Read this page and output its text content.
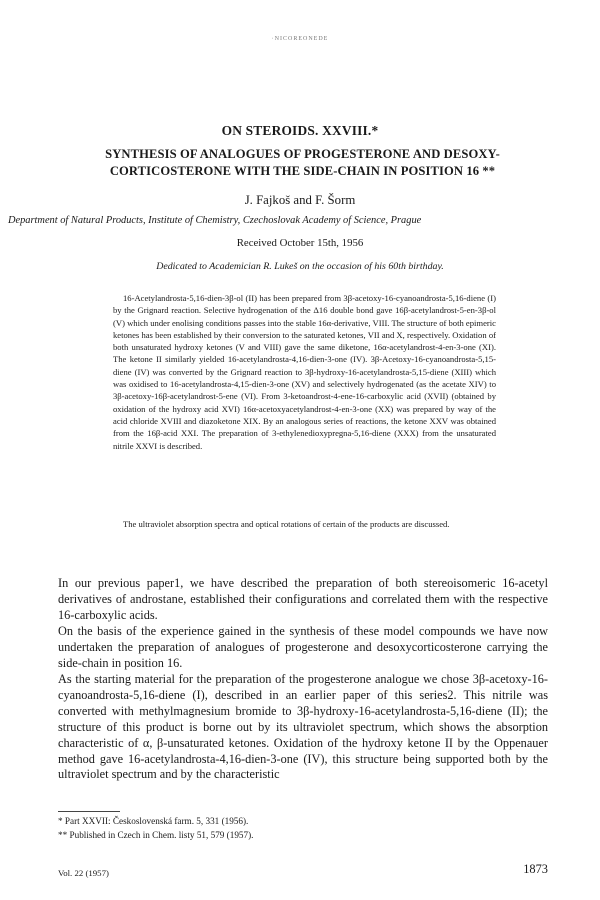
·NICOREONEDE
ON STEROIDS. XXVIII.*
SYNTHESIS OF ANALOGUES OF PROGESTERONE AND DESOXY-CORTICOSTERONE WITH THE SIDE-CHAIN IN POSITION 16 **
J. Fajkoš and F. Šorm
Department of Natural Products, Institute of Chemistry, Czechoslovak Academy of Science, Prague
Received October 15th, 1956
Dedicated to Academician R. Lukeš on the occasion of his 60th birthday.

16-Acetylandrosta-5,16-dien-3β-ol (II) has been prepared from 3β-acetoxy-16-cyanoandrosta-5,16-diene (I) by the Grignard reaction. Selective hydrogenation of the Δ16 double bond gave 16β-acetylandrost-5-en-3β-ol (V) which under enolising conditions passes into the stable 16α-derivative, VIII. The structure of both epimeric ketones has been established by their conversion to the saturated ketones, VII and X, respectively. Oxidation of both unsaturated hydroxy ketones (V and VIII) gave the same diketone, 16α-acetylandrost-4-en-3-one (XI). The ketone II similarly yielded 16-acetylandrosta-4,16-dien-3-one (IV). 3β-Acetoxy-16-cyanoandrosta-5,15-diene (IV) was converted by the Grignard reaction to 3β-hydroxy-16-acetylandrosta-5,15-diene (XIII) which was oxidised to 16-acetylandrosta-4,15-dien-3-one (XV) and selectively hydrogenated (as the acetate XIV) to 3β-acetoxy-16β-acetylandrost-5-ene (VI). From 3-ketoandrost-4-ene-16-carboxylic acid (XVII) (obtained by oxidation of the hydroxy acid XVI) 16α-acetoxyacetylandrost-4-en-3-one (XX) was prepared by way of the acid chloride XVIII and diazoketone XIX. By an analogous series of reactions, the ketone XXV was obtained from the 16β-acid XXI. The preparation of 3-ethylenedioxypregna-5,16-diene (XXX) from the unsaturated nitrile XXVI is described.

The ultraviolet absorption spectra and optical rotations of certain of the products are discussed.

In our previous paper1, we have described the preparation of both stereoisomeric 16-acetyl derivatives of androstane, established their configurations and correlated them with the respective 16-carboxylic acids.

On the basis of the experience gained in the synthesis of these model compounds we have now undertaken the preparation of analogues of progesterone and desoxycorticosterone carrying the side-chain in position 16.

As the starting material for the preparation of the progesterone analogue we chose 3β-acetoxy-16-cyanoandrosta-5,16-diene (I), described in an earlier paper of this series2. This nitrile was converted with methylmagnesium bromide to 3β-hydroxy-16-acetylandrosta-5,16-diene (II); the structure of this product is borne out by its ultraviolet spectrum, which shows the absorption characteristic of α, β-unsaturated ketones. Oxidation of the hydroxy ketone II by the Oppenauer method gave 16-acetylandrosta-4,16-dien-3-one (IV), this structure being supported both by the ultraviolet spectrum and by the characteristic

* Part XXVII: Československá farm. 5, 331 (1956).
** Published in Czech in Chem. listy 51, 579 (1957).
Vol. 22 (1957)	1873
